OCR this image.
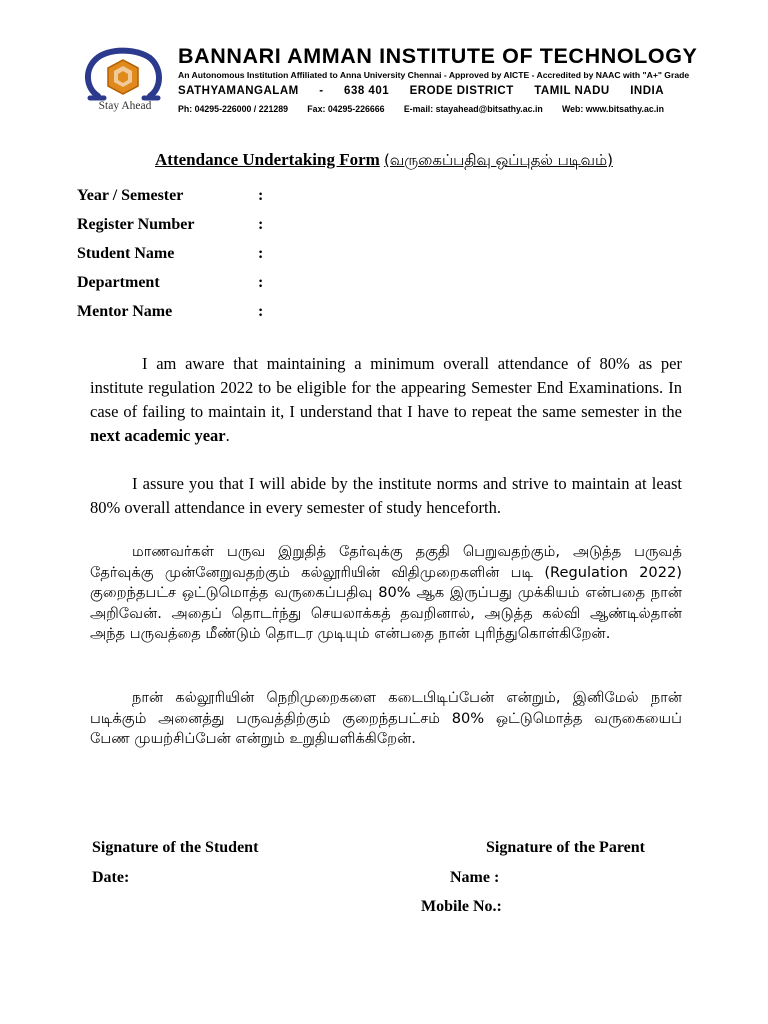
Stay Ahead
BANNARI AMMAN INSTITUTE OF TECHNOLOGY
An Autonomous Institution Affiliated to Anna University Chennai - Approved by AICTE - Accredited by NAAC with "A+" Grade
SATHYAMANGALAM - 638 401 ERODE DISTRICT TAMIL NADU INDIA
Ph: 04295-226000 / 221289 Fax: 04295-226666 E-mail: stayahead@bitsathy.ac.in Web: www.bitsathy.ac.in
Attendance Undertaking Form (வருகைப்பதிவு ஒப்புதல் படிவம்)
Year / Semester	:
Register Number	:
Student Name	:
Department	:
Mentor Name	:
I am aware that maintaining a minimum overall attendance of 80% as per institute regulation 2022 to be eligible for the appearing Semester End Examinations. In case of failing to maintain it, I understand that I have to repeat the same semester in the next academic year.
I assure you that I will abide by the institute norms and strive to maintain at least 80% overall attendance in every semester of study henceforth.
மாணவர்கள் பருவ இறுதித் தேர்வுக்கு தகுதி பெறுவதற்கும், அடுத்த பருவத் தேர்வுக்கு முன்னேறுவதற்கும் கல்லூரியின் விதிமுறைகளின் படி (Regulation 2022) குறைந்தபட்ச ஒட்டுமொத்த வருகைப்பதிவு 80% ஆக இருப்பது முக்கியம் என்பதை நான் அறிவேன். அதைப் தொடர்ந்து செயலாக்கத் தவறினால், அடுத்த கல்வி ஆண்டில்தான் அந்த பருவத்தை மீண்டும் தொடர முடியும் என்பதை நான் புரிந்துகொள்கிறேன்.
நான் கல்லூரியின் நெறிமுறைகளை கடைபிடிப்பேன் என்றும், இனிமேல் நான் படிக்கும் அனைத்து பருவத்திற்கும் குறைந்தபட்சம் 80% ஒட்டுமொத்த வருகையைப் பேண முயற்சிப்பேன் என்றும் உறுதியளிக்கிறேன்.
Signature of the Student	Signature of the Parent
Date:	Name :
Mobile No.:
